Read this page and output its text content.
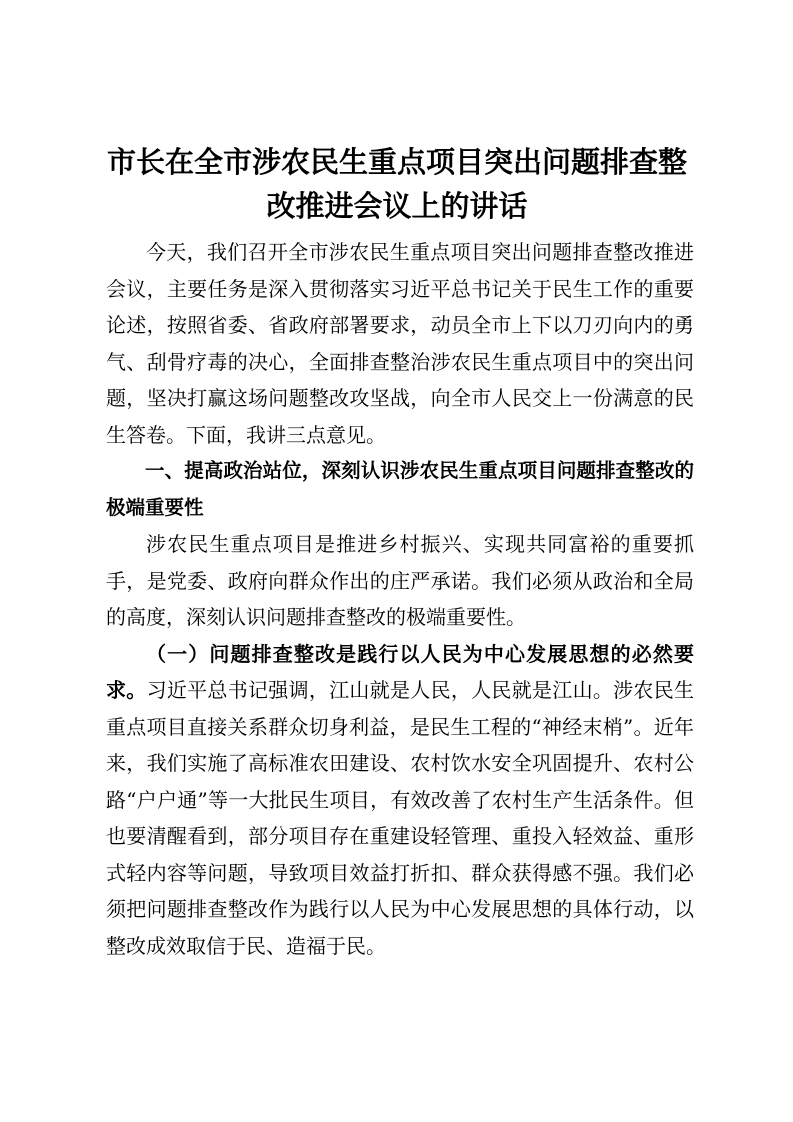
市长在全市涉农民生重点项目突出问题排查整
改推进会议上的讲话

今天，我们召开全市涉农民生重点项目突出问题排查整改推进会议，主要任务是深入贯彻落实习近平总书记关于民生工作的重要论述，按照省委、省政府部署要求，动员全市上下以刀刃向内的勇气、刮骨疗毒的决心，全面排查整治涉农民生重点项目中的突出问题，坚决打赢这场问题整改攻坚战，向全市人民交上一份满意的民生答卷。下面，我讲三点意见。

一、提高政治站位，深刻认识涉农民生重点项目问题排查整改的极端重要性

涉农民生重点项目是推进乡村振兴、实现共同富裕的重要抓手，是党委、政府向群众作出的庄严承诺。我们必须从政治和全局的高度，深刻认识问题排查整改的极端重要性。

（一）问题排查整改是践行以人民为中心发展思想的必然要求。习近平总书记强调，江山就是人民，人民就是江山。涉农民生重点项目直接关系群众切身利益，是民生工程的“神经末梢”。近年来，我们实施了高标准农田建设、农村饮水安全巩固提升、农村公路“户户通”等一大批民生项目，有效改善了农村生产生活条件。但也要清醒看到，部分项目存在重建设轻管理、重投入轻效益、重形式轻内容等问题，导致项目效益打折扣、群众获得感不强。我们必须把问题排查整改作为践行以人民为中心发展思想的具体行动，以整改成效取信于民、造福于民。
